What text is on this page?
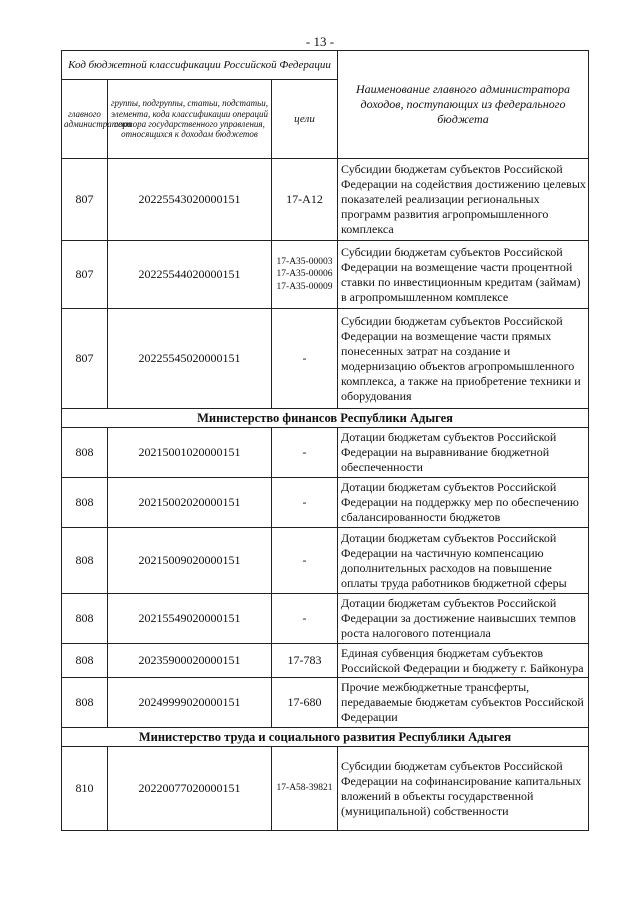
- 13 -
Код бюджетной классификации Российской Федерации			Наименование главного администратора доходов, поступающих из федерального бюджета
главного администратора	группы, подгруппы, статьи, подстатьи, элемента, кода классификации операций сектора государственного управления, относящихся к доходам бюджетов	цели	
807	20225543020000151	17-А12	Субсидии бюджетам субъектов Российской Федерации на содействия достижению целевых показателей реализации региональных программ развития агропромышленного комплекса
807	20225544020000151	17-А35-00003
17-А35-00006
17-А35-00009	Субсидии бюджетам субъектов Российской Федерации на возмещение части процентной ставки по инвестиционным кредитам (займам) в агропромышленном комплексе
807	20225545020000151	-	Субсидии бюджетам субъектов Российской Федерации на возмещение части прямых понесенных затрат на создание и модернизацию объектов агропромышленного комплекса, а также на приобретение техники и оборудования
Министерство финансов Республики Адыгея			
808	20215001020000151	-	Дотации бюджетам субъектов Российской Федерации на выравнивание бюджетной обеспеченности
808	20215002020000151	-	Дотации бюджетам субъектов Российской Федерации на поддержку мер по обеспечению сбалансированности бюджетов
808	20215009020000151	-	Дотации бюджетам субъектов Российской Федерации на частичную компенсацию дополнительных расходов на повышение оплаты труда работников бюджетной сферы
808	20215549020000151	-	Дотации бюджетам субъектов Российской Федерации за достижение наивысших темпов роста налогового потенциала
808	20235900020000151	17-783	Единая субвенция бюджетам субъектов Российской Федерации и бюджету г. Байконура
808	20249999020000151	17-680	Прочие межбюджетные трансферты, передаваемые бюджетам субъектов Российской Федерации
Министерство труда и социального развития Республики Адыгея			
810	20220077020000151	17-А58-39821	Субсидии бюджетам субъектов Российской Федерации на софинансирование капитальных вложений в объекты государственной (муниципальной) собственности
